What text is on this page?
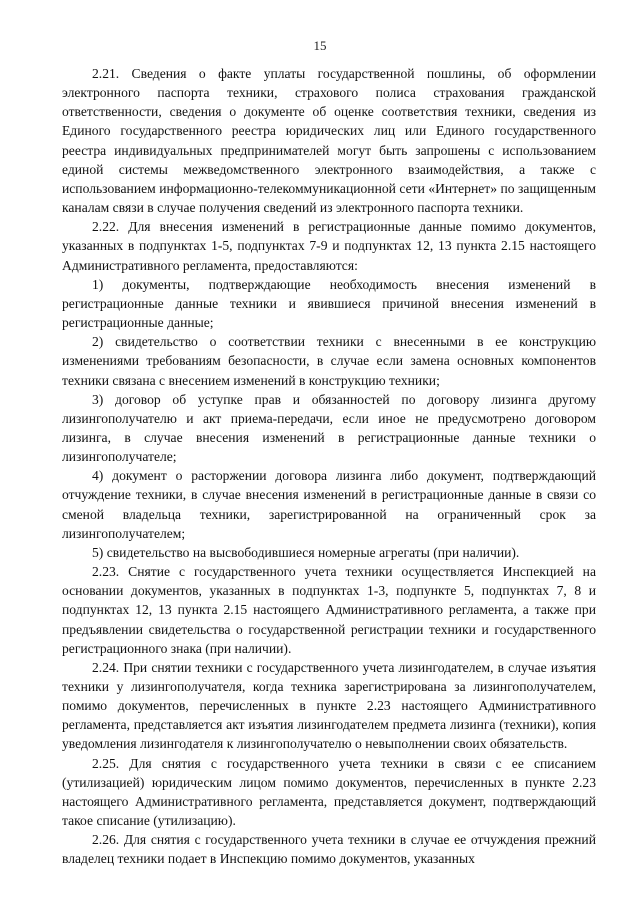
15

2.21. Сведения о факте уплаты государственной пошлины, об оформлении электронного паспорта техники, страхового полиса страхования гражданской ответственности, сведения о документе об оценке соответствия техники, сведения из Единого государственного реестра юридических лиц или Единого государственного реестра индивидуальных предпринимателей могут быть запрошены с использованием единой системы межведомственного электронного взаимодействия, а также с использованием информационно-телекоммуникационной сети «Интернет» по защищенным каналам связи в случае получения сведений из электронного паспорта техники.

2.22. Для внесения изменений в регистрационные данные помимо документов, указанных в подпунктах 1-5, подпунктах 7-9 и подпунктах 12, 13 пункта 2.15 настоящего Административного регламента, предоставляются:

1) документы, подтверждающие необходимость внесения изменений в регистрационные данные техники и явившиеся причиной внесения изменений в регистрационные данные;

2) свидетельство о соответствии техники с внесенными в ее конструкцию изменениями требованиям безопасности, в случае если замена основных компонентов техники связана с внесением изменений в конструкцию техники;

3) договор об уступке прав и обязанностей по договору лизинга другому лизингополучателю и акт приема-передачи, если иное не предусмотрено договором лизинга, в случае внесения изменений в регистрационные данные техники о лизингополучателе;

4) документ о расторжении договора лизинга либо документ, подтверждающий отчуждение техники, в случае внесения изменений в регистрационные данные в связи со сменой владельца техники, зарегистрированной на ограниченный срок за лизингополучателем;

5) свидетельство на высвободившиеся номерные агрегаты (при наличии).

2.23. Снятие с государственного учета техники осуществляется Инспекцией на основании документов, указанных в подпунктах 1-3, подпункте 5, подпунктах 7, 8 и подпунктах 12, 13 пункта 2.15 настоящего Административного регламента, а также при предъявлении свидетельства о государственной регистрации техники и государственного регистрационного знака (при наличии).

2.24. При снятии техники с государственного учета лизингодателем, в случае изъятия техники у лизингополучателя, когда техника зарегистрирована за лизингополучателем, помимо документов, перечисленных в пункте 2.23 настоящего Административного регламента, представляется акт изъятия лизингодателем предмета лизинга (техники), копия уведомления лизингодателя к лизингополучателю о невыполнении своих обязательств.

2.25. Для снятия с государственного учета техники в связи с ее списанием (утилизацией) юридическим лицом помимо документов, перечисленных в пункте 2.23 настоящего Административного регламента, представляется документ, подтверждающий такое списание (утилизацию).

2.26. Для снятия с государственного учета техники в случае ее отчуждения прежний владелец техники подает в Инспекцию помимо документов, указанных
